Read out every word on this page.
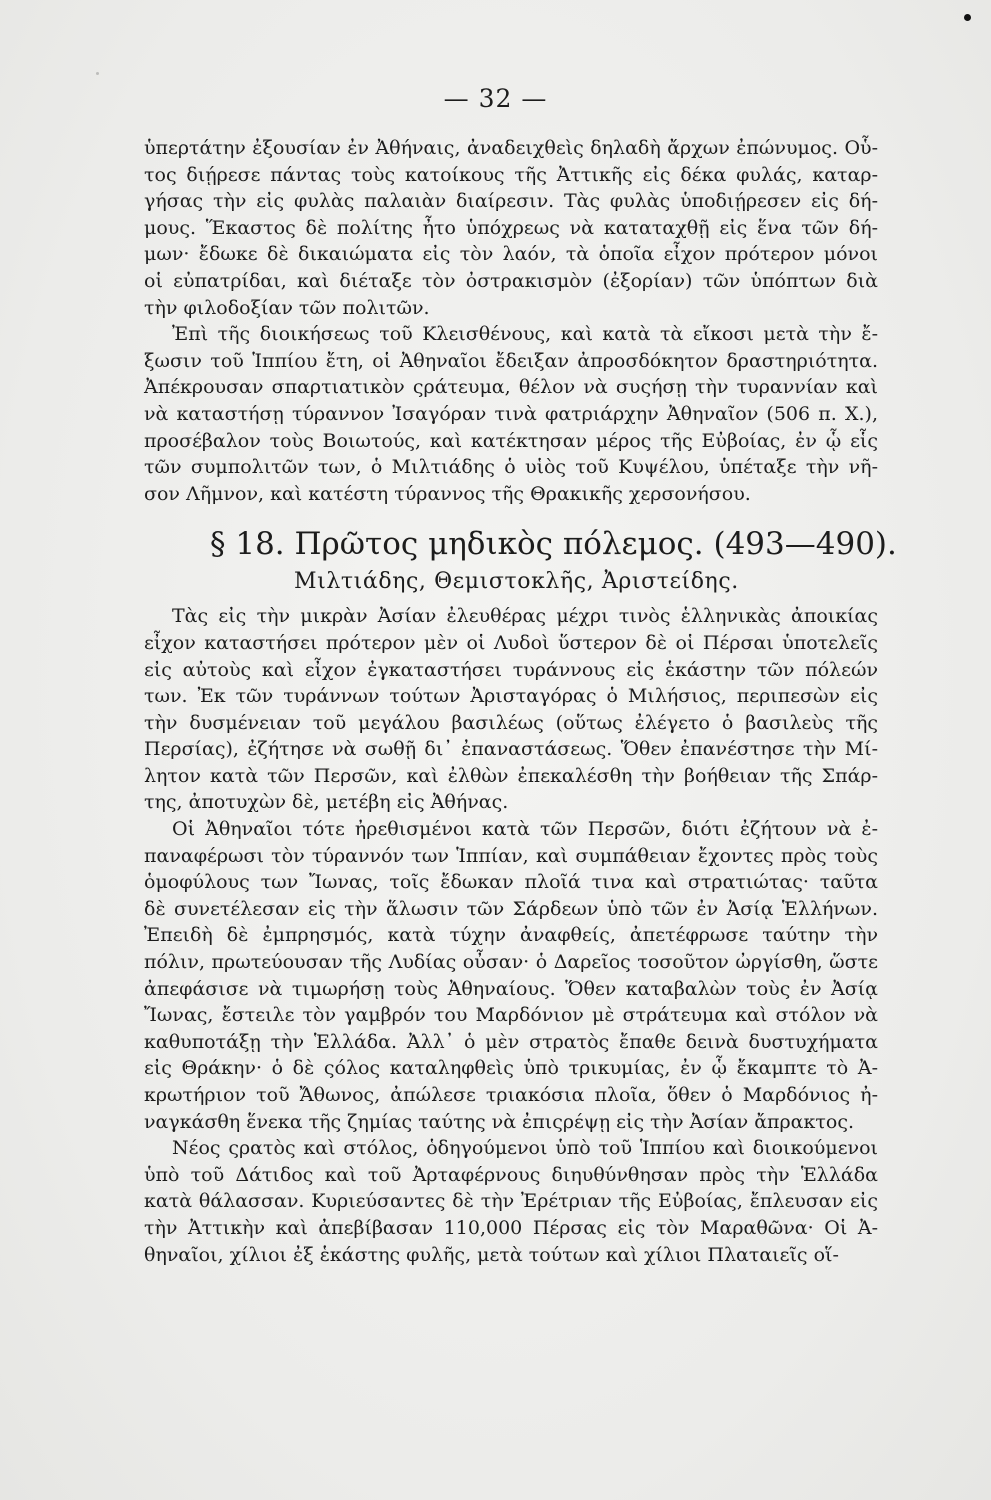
— 32 —
ὑπερτάτην ἐξουσίαν ἐν Ἀθήναις, ἀναδειχθεὶς δηλαδὴ ἄρχων ἐπώνυμος. Οὗ-
τος διῄρεσε πάντας τοὺς κατοίκους τῆς Ἀττικῆς εἰς δέκα φυλάς, καταρ-
γήσας τὴν εἰς φυλὰς παλαιὰν διαίρεσιν. Τὰς φυλὰς ὑποδιῄρεσεν εἰς δή-
μους. Ἕκαστος δὲ πολίτης ἦτο ὑπόχρεως νὰ καταταχθῇ εἰς ἕνα τῶν δή-
μων· ἔδωκε δὲ δικαιώματα εἰς τὸν λαόν, τὰ ὁποῖα εἶχον πρότερον μόνοι
οἱ εὐπατρίδαι, καὶ διέταξε τὸν ὀστρακισμὸν (ἐξορίαν) τῶν ὑπόπτων διὰ
τὴν φιλοδοξίαν τῶν πολιτῶν.
Ἐπὶ τῆς διοικήσεως τοῦ Κλεισθένους, καὶ κατὰ τὰ εἴκοσι μετὰ τὴν ἔ-
ξωσιν τοῦ Ἱππίου ἔτη, οἱ Ἀθηναῖοι ἔδειξαν ἀπροσδόκητον δραστηριότητα.
Ἀπέκρουσαν σπαρτιατικὸν ςράτευμα, θέλον νὰ συςήσῃ τὴν τυραννίαν καὶ
νὰ καταστήσῃ τύραννον Ἰσαγόραν τινὰ φατριάρχην Ἀθηναῖον (506 π. Χ.),
προσέβαλον τοὺς Βοιωτούς, καὶ κατέκτησαν μέρος τῆς Εὐβοίας, ἐν ᾧ εἷς
τῶν συμπολιτῶν των, ὁ Μιλτιάδης ὁ υἱὸς τοῦ Κυψέλου, ὑπέταξε τὴν νῆ-
σον Λῆμνον, καὶ κατέστη τύραννος τῆς Θρακικῆς χερσονήσου.
§ 18. Πρῶτος μηδικὸς πόλεμος. (493—490).
Μιλτιάδης, Θεμιστοκλῆς, Ἀριστείδης.
Τὰς εἰς τὴν μικρὰν Ἀσίαν ἐλευθέρας μέχρι τινὸς ἑλληνικὰς ἀποικίας
εἶχον καταστήσει πρότερον μὲν οἱ Λυδοὶ ὕστερον δὲ οἱ Πέρσαι ὑποτελεῖς
εἰς αὐτοὺς καὶ εἶχον ἐγκαταστήσει τυράννους εἰς ἑκάστην τῶν πόλεών
των. Ἐκ τῶν τυράννων τούτων Ἀρισταγόρας ὁ Μιλήσιος, περιπεσὼν εἰς
τὴν δυσμένειαν τοῦ μεγάλου βασιλέως (οὕτως ἐλέγετο ὁ βασιλεὺς τῆς
Περσίας), ἐζήτησε νὰ σωθῇ δι᾽ ἐπαναστάσεως. Ὅθεν ἐπανέστησε τὴν Μί-
λητον κατὰ τῶν Περσῶν, καὶ ἐλθὼν ἐπεκαλέσθη τὴν βοήθειαν τῆς Σπάρ-
της, ἀποτυχὼν δὲ, μετέβη εἰς Ἀθήνας.
Οἱ Ἀθηναῖοι τότε ἠρεθισμένοι κατὰ τῶν Περσῶν, διότι ἐζήτουν νὰ ἐ-
παναφέρωσι τὸν τύραννόν των Ἱππίαν, καὶ συμπάθειαν ἔχοντες πρὸς τοὺς
ὁμοφύλους των Ἴωνας, τοῖς ἔδωκαν πλοῖά τινα καὶ στρατιώτας· ταῦτα
δὲ συνετέλεσαν εἰς τὴν ἅλωσιν τῶν Σάρδεων ὑπὸ τῶν ἐν Ἀσίᾳ Ἑλλήνων.
Ἐπειδὴ δὲ ἐμπρησμός, κατὰ τύχην ἀναφθείς, ἀπετέφρωσε ταύτην τὴν
πόλιν, πρωτεύουσαν τῆς Λυδίας οὖσαν· ὁ Δαρεῖος τοσοῦτον ὠργίσθη, ὥστε
ἀπεφάσισε νὰ τιμωρήσῃ τοὺς Ἀθηναίους. Ὅθεν καταβαλὼν τοὺς ἐν Ἀσίᾳ
Ἴωνας, ἔστειλε τὸν γαμβρόν του Μαρδόνιον μὲ στράτευμα καὶ στόλον νὰ
καθυποτάξῃ τὴν Ἑλλάδα. Ἀλλ᾽ ὁ μὲν στρατὸς ἔπαθε δεινὰ δυστυχήματα
εἰς Θράκην· ὁ δὲ ςόλος καταληφθεὶς ὑπὸ τρικυμίας, ἐν ᾧ ἔκαμπτε τὸ Ἀ-
κρωτήριον τοῦ Ἄθωνος, ἀπώλεσε τριακόσια πλοῖα, ὅθεν ὁ Μαρδόνιος ἠ-
ναγκάσθη ἕνεκα τῆς ζημίας ταύτης νὰ ἐπιςρέψῃ εἰς τὴν Ἀσίαν ἄπρακτος.
Νέος ςρατὸς καὶ στόλος, ὁδηγούμενοι ὑπὸ τοῦ Ἱππίου καὶ διοικούμενοι
ὑπὸ τοῦ Δάτιδος καὶ τοῦ Ἀρταφέρνους διηυθύνθησαν πρὸς τὴν Ἑλλάδα
κατὰ θάλασσαν. Κυριεύσαντες δὲ τὴν Ἐρέτριαν τῆς Εὐβοίας, ἔπλευσαν εἰς
τὴν Ἀττικὴν καὶ ἀπεβίβασαν 110,000 Πέρσας εἰς τὸν Μαραθῶνα· Οἱ Ἀ-
θηναῖοι, χίλιοι ἐξ ἑκάστης φυλῆς, μετὰ τούτων καὶ χίλιοι Πλαταιεῖς οἵ-
